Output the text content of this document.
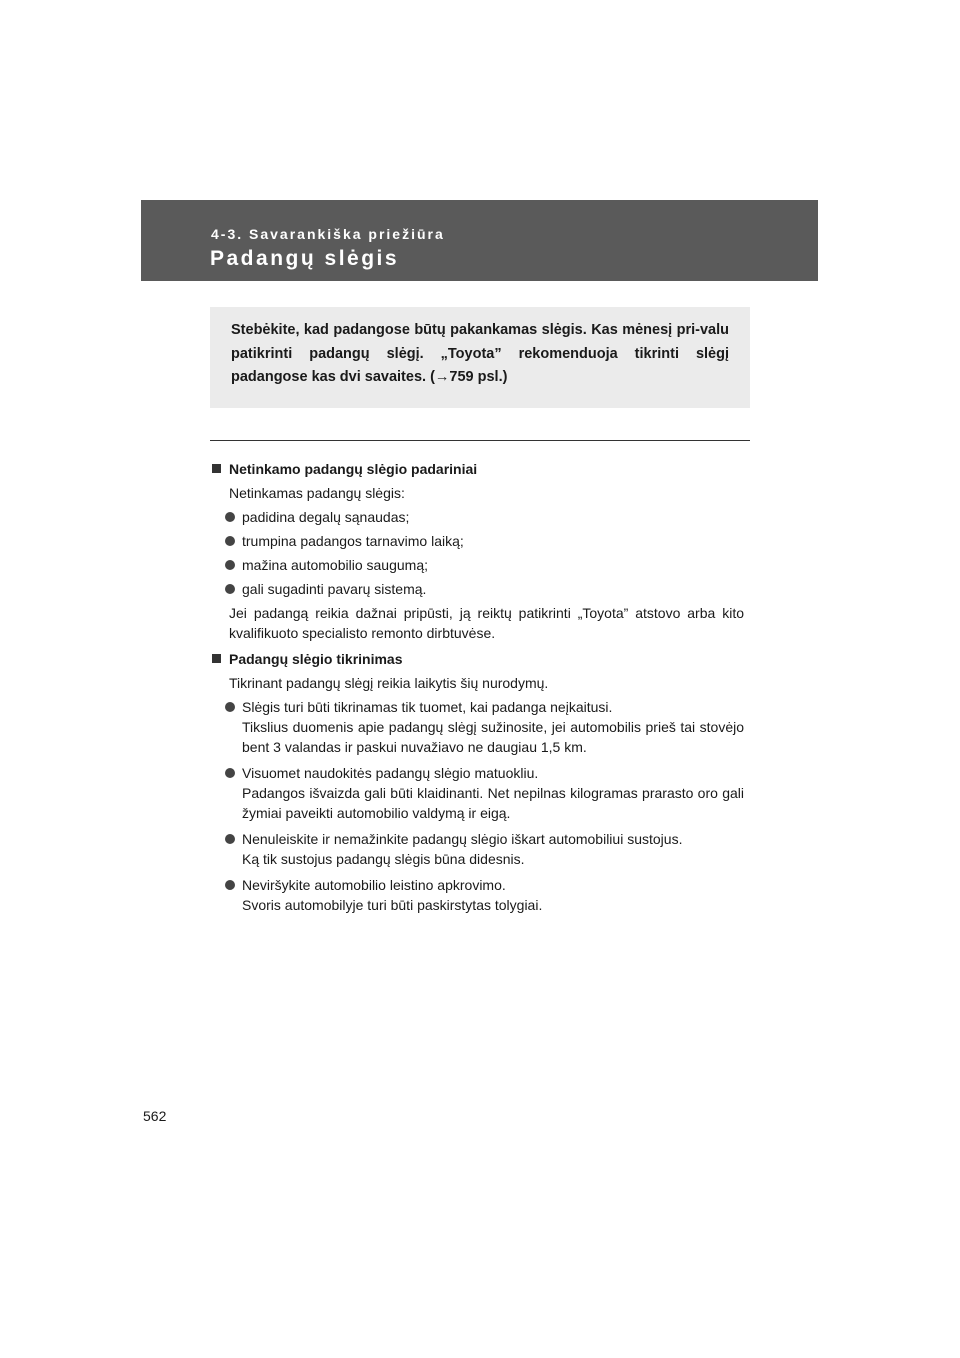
4-3. Savarankiška priežiūra
Padangų slėgis
Stebėkite, kad padangose būtų pakankamas slėgis. Kas mėnesį pri-valu patikrinti padangų slėgį. „Toyota” rekomenduoja tikrinti slėgį padangose kas dvi savaites. (→759 psl.)
Netinkamo padangų slėgio padariniai
Netinkamas padangų slėgis:
padidina degalų sąnaudas;
trumpina padangos tarnavimo laiką;
mažina automobilio saugumą;
gali sugadinti pavarų sistemą.
Jei padangą reikia dažnai pripūsti, ją reiktų patikrinti „Toyota” atstovo arba kito kvalifikuoto specialisto remonto dirbtuvėse.
Padangų slėgio tikrinimas
Tikrinant padangų slėgį reikia laikytis šių nurodymų.
Slėgis turi būti tikrinamas tik tuomet, kai padanga neįkaitusi.
Tikslius duomenis apie padangų slėgį sužinosite, jei automobilis prieš tai stovėjo bent 3 valandas ir paskui nuvažiavo ne daugiau 1,5 km.
Visuomet naudokitės padangų slėgio matuokliu.
Padangos išvaizda gali būti klaidinanti. Net nepilnas kilogramas prarasto oro gali žymiai paveikti automobilio valdymą ir eigą.
Nenuleiskite ir nemažinkite padangų slėgio iškart automobiliui sustojus.
Ką tik sustojus padangų slėgis būna didesnis.
Neviršykite automobilio leistino apkrovimo.
Svoris automobilyje turi būti paskirstytas tolygiai.
562
